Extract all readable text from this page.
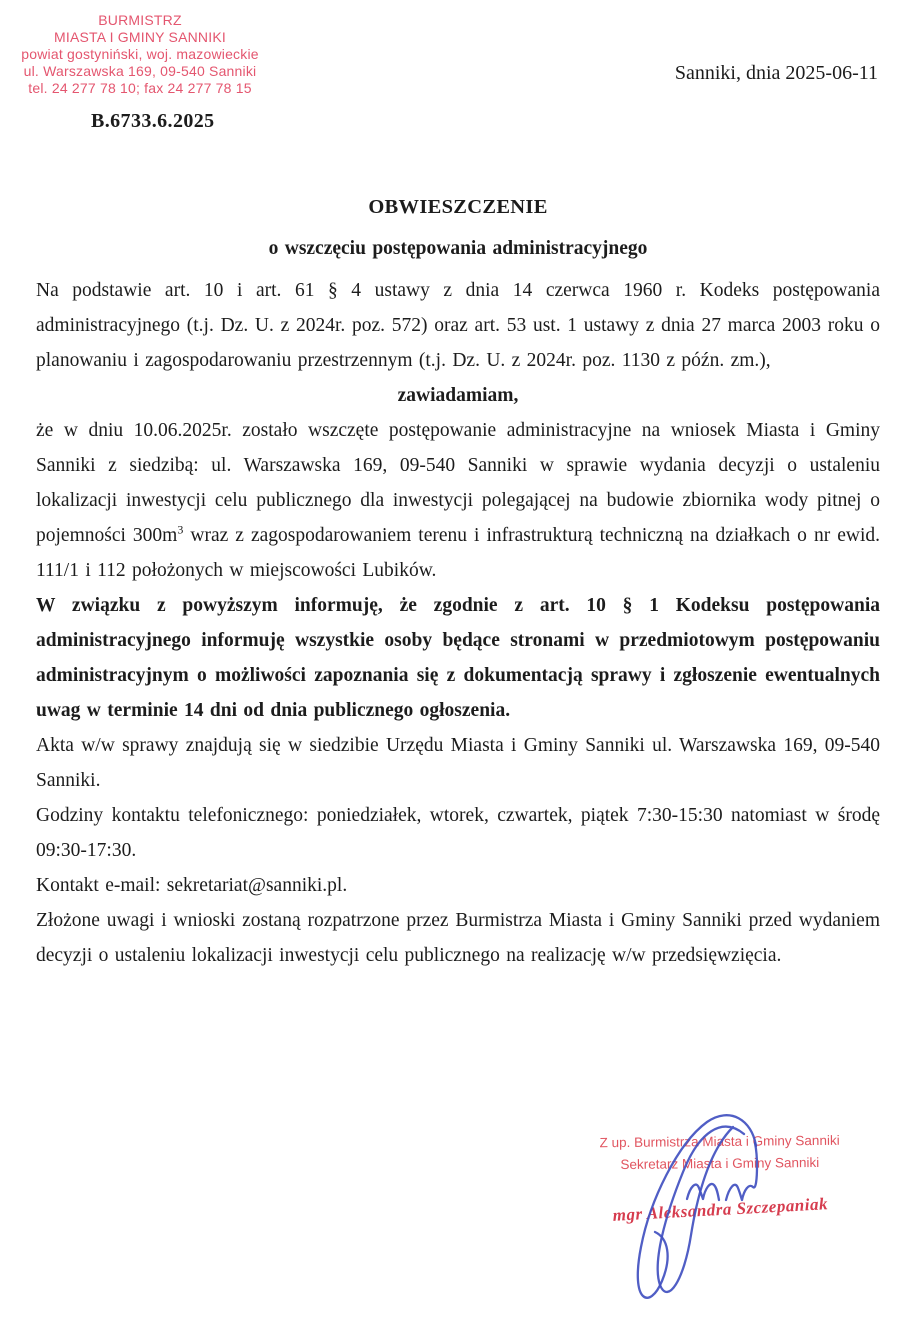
BURMISTRZ
MIASTA I GMINY SANNIKI
powiat gostyniński, woj. mazowieckie
ul. Warszawska 169, 09-540 Sanniki
tel. 24 277 78 10; fax 24 277 78 15
B.6733.6.2025
Sanniki, dnia 2025-06-11
OBWIESZCZENIE
o wszczęciu postępowania administracyjnego

Na podstawie art. 10 i art. 61 § 4 ustawy z dnia 14 czerwca 1960 r. Kodeks postępowania administracyjnego (t.j. Dz. U. z 2024r. poz. 572) oraz art. 53 ust. 1 ustawy z dnia 27 marca 2003 roku o planowaniu i zagospodarowaniu przestrzennym (t.j. Dz. U. z 2024r. poz. 1130 z późn. zm.),

zawiadamiam,

że w dniu 10.06.2025r. zostało wszczęte postępowanie administracyjne na wniosek Miasta i Gminy Sanniki z siedzibą: ul. Warszawska 169, 09-540 Sanniki w sprawie wydania decyzji o ustaleniu lokalizacji inwestycji celu publicznego dla inwestycji polegającej na budowie zbiornika wody pitnej o pojemności $300m^3$ wraz z zagospodarowaniem terenu i infrastrukturą techniczną na działkach o nr ewid. 111/1 i 112 położonych w miejscowości Lubików.

W związku z powyższym informuję, że zgodnie z art. 10 § 1 Kodeksu postępowania administracyjnego informuję wszystkie osoby będące stronami w przedmiotowym postępowaniu administracyjnym o możliwości zapoznania się z dokumentacją sprawy i zgłoszenie ewentualnych uwag w terminie 14 dni od dnia publicznego ogłoszenia.

Akta w/w sprawy znajdują się w siedzibie Urzędu Miasta i Gminy Sanniki ul. Warszawska 169, 09-540 Sanniki.

Godziny kontaktu telefonicznego: poniedziałek, wtorek, czwartek, piątek 7:30-15:30 natomiast w środę 09:30-17:30.

Kontakt e-mail: sekretariat@sanniki.pl.

Złożone uwagi i wnioski zostaną rozpatrzone przez Burmistrza Miasta i Gminy Sanniki przed wydaniem decyzji o ustaleniu lokalizacji inwestycji celu publicznego na realizację w/w przedsięwzięcia.

Z up. Burmistrza Miasta i Gminy Sanniki
Sekretarz Miasta i Gminy Sanniki
mgr Aleksandra Szczepaniak
